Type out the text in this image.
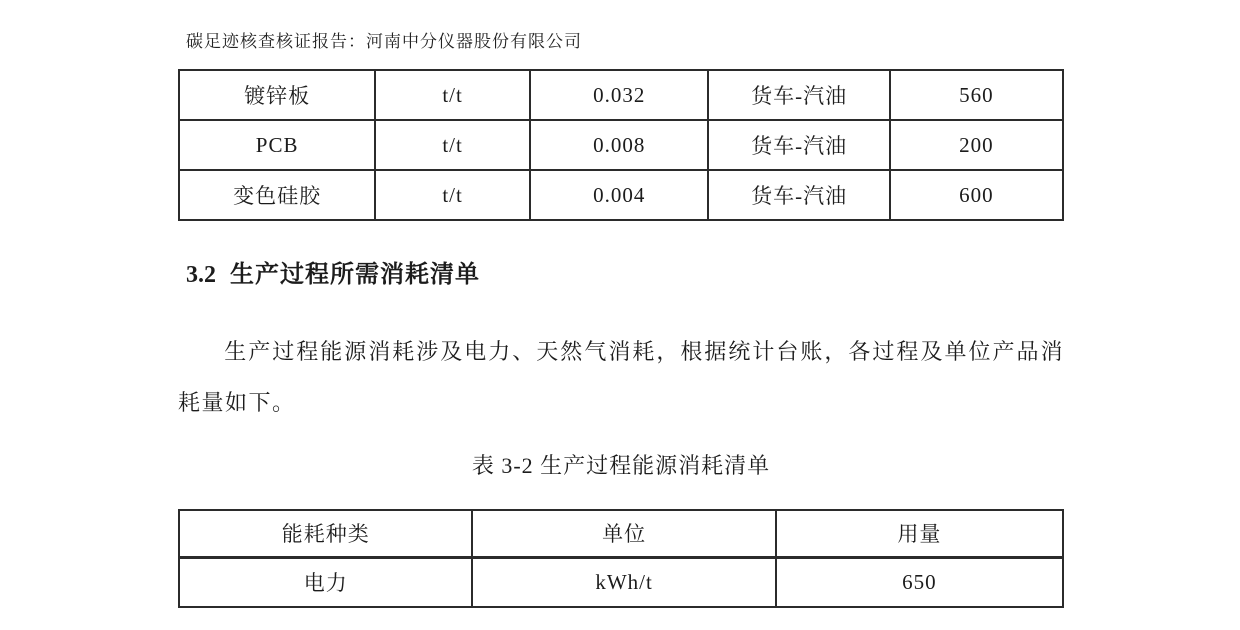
碳足迹核查核证报告：河南中分仪器股份有限公司
镀锌板	t/t	0.032	货车-汽油	560
PCB	t/t	0.008	货车-汽油	200
变色硅胶	t/t	0.004	货车-汽油	600
3.2 生产过程所需消耗清单

生产过程能源消耗涉及电力、天然气消耗，根据统计台账，各过程及单位产品消耗量如下。

表 3-2 生产过程能源消耗清单
能耗种类	单位	用量
电力	kWh/t	650
